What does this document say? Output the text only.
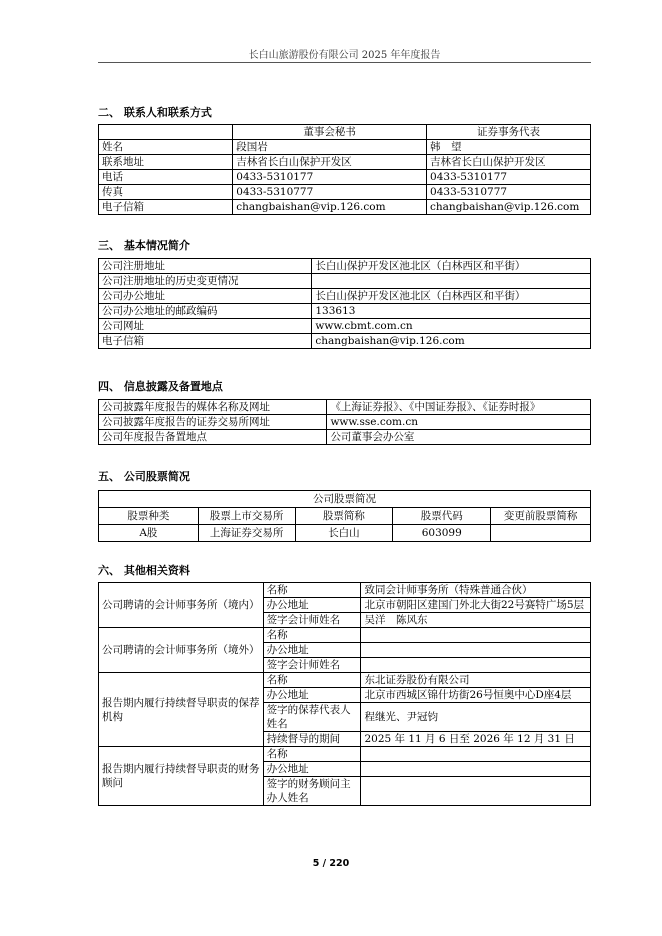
长白山旅游股份有限公司 2025 年年度报告
二、 联系人和联系方式
	董事会秘书	证券事务代表
姓名	段国岩	韩　望
联系地址	吉林省长白山保护开发区	吉林省长白山保护开发区
电话	0433-5310177	0433-5310177
传真	0433-5310777	0433-5310777
电子信箱	changbaishan@vip.126.com	changbaishan@vip.126.com
三、 基本情况简介
公司注册地址	长白山保护开发区池北区（白林西区和平街）
公司注册地址的历史变更情况	
公司办公地址	长白山保护开发区池北区（白林西区和平街）
公司办公地址的邮政编码	133613
公司网址	www.cbmt.com.cn
电子信箱	changbaishan@vip.126.com
四、 信息披露及备置地点
公司披露年度报告的媒体名称及网址	《上海证券报》、《中国证券报》、《证券时报》
公司披露年度报告的证券交易所网址	www.sse.com.cn
公司年度报告备置地点	公司董事会办公室
五、 公司股票简况
公司股票简况				
股票种类	股票上市交易所	股票简称	股票代码	变更前股票简称
A股	上海证券交易所	长白山	603099	
六、 其他相关资料
公司聘请的会计师事务所（境内）	名称	致同会计师事务所（特殊普通合伙）
	办公地址	北京市朝阳区建国门外北大街22号赛特广场5层
	签字会计师姓名	吴洋　陈风东
公司聘请的会计师事务所（境外）	名称	
	办公地址	
	签字会计师姓名	
报告期内履行持续督导职责的保荐机构	名称	东北证券股份有限公司
	办公地址	北京市西城区锦什坊街26号恒奥中心D座4层
	签字的保荐代表人姓名	程继光、尹冠钧
	持续督导的期间	2025 年 11 月 6 日至 2026 年 12 月 31 日
报告期内履行持续督导职责的财务顾问	名称	
	办公地址	
	签字的财务顾问主办人姓名	
5 / 220
